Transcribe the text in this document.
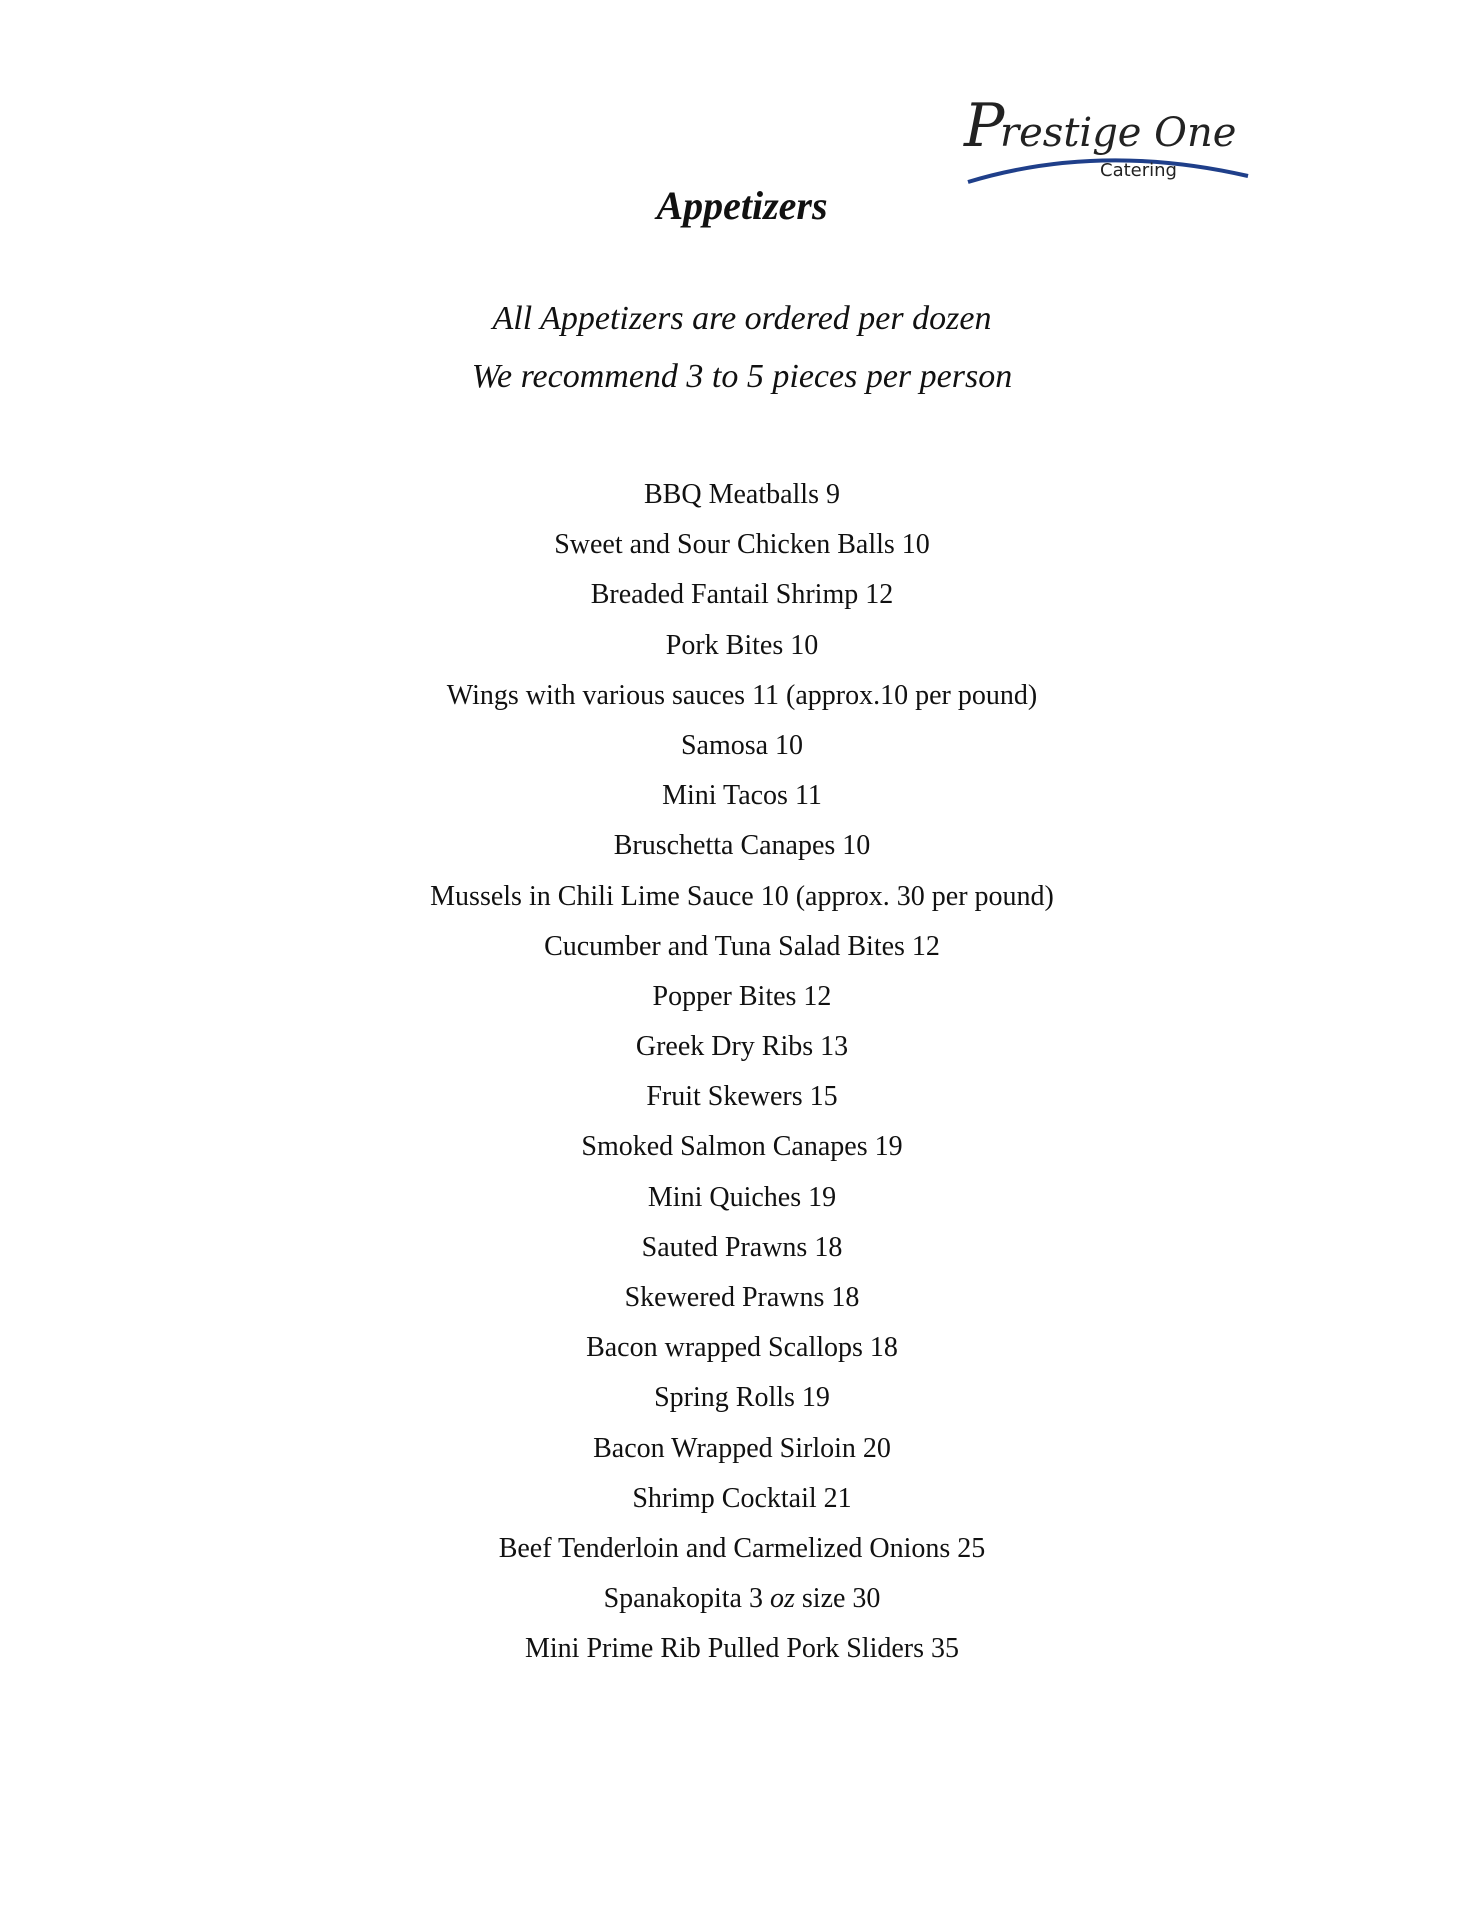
P
restige One
Catering
Appetizers
All Appetizers are ordered per dozen
We recommend 3 to 5 pieces per person
BBQ Meatballs 9
Sweet and Sour Chicken Balls 10
Breaded Fantail Shrimp 12
Pork Bites 10
Wings with various sauces 11 (approx.10 per pound)
Samosa 10
Mini Tacos 11
Bruschetta Canapes 10
Mussels in Chili Lime Sauce 10 (approx. 30 per pound)
Cucumber and Tuna Salad Bites 12
Popper Bites 12
Greek Dry Ribs 13
Fruit Skewers 15
Smoked Salmon Canapes 19
Mini Quiches 19
Sauted Prawns 18
Skewered Prawns 18
Bacon wrapped Scallops 18
Spring Rolls 19
Bacon Wrapped Sirloin 20
Shrimp Cocktail 21
Beef Tenderloin and Carmelized Onions 25
Spanakopita 3 oz size 30
Mini Prime Rib Pulled Pork Sliders 35
